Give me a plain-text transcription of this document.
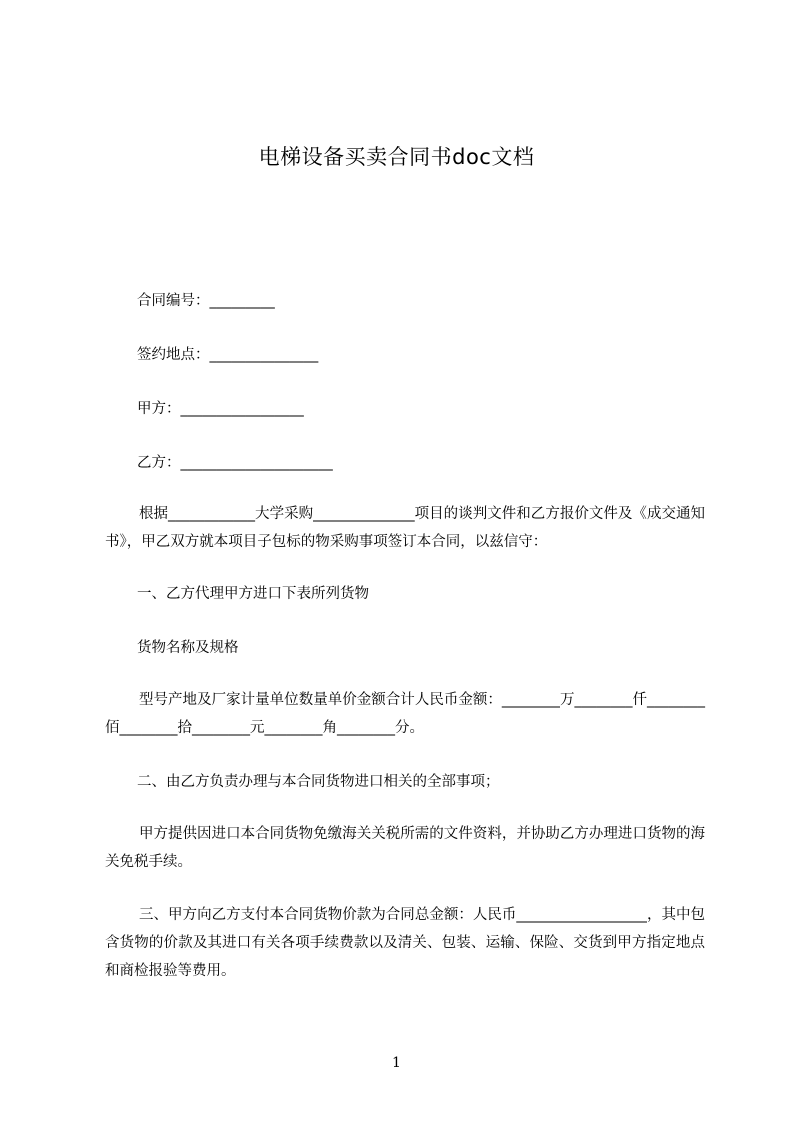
电梯设备买卖合同书doc文档
合同编号：_________
签约地点：_______________
甲方：_________________
乙方：_____________________
根据____________大学采购______________项目的谈判文件和乙方报价文件及《成交通知书》，甲乙双方就本项目子包标的物采购事项签订本合同，以兹信守：
一、乙方代理甲方进口下表所列货物
货物名称及规格
型号产地及厂家计量单位数量单价金额合计人民币金额：________万________仟________佰________拾________元________角________分。
二、由乙方负责办理与本合同货物进口相关的全部事项；
甲方提供因进口本合同货物免缴海关关税所需的文件资料，并协助乙方办理进口货物的海关免税手续。
三、甲方向乙方支付本合同货物价款为合同总金额：人民币__________________，其中包含货物的价款及其进口有关各项手续费款以及清关、包装、运输、保险、交货到甲方指定地点和商检报验等费用。
1
